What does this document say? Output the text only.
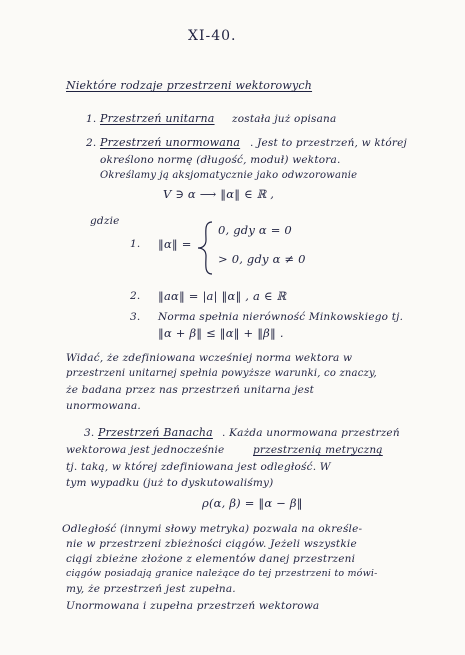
XI-40.
Niektóre rodzaje przestrzeni wektorowych
1. Przestrzeń unitarna została już opisana
2. Przestrzeń unormowana . Jest to przestrzeń, w której
określono normę (długość, moduł) wektora.
Określamy ją aksjomatycznie jako odwzorowanie
V ∋ α ⟶ ‖α‖ ∈ ℝ ,
gdzie
1. ‖α‖ =
0, gdy α = 0
> 0, gdy α ≠ 0
2. ‖aα‖ = |a| ‖α‖ , a ∈ ℝ
3. Norma spełnia nierówność Minkowskiego tj.
‖α + β‖ ≤ ‖α‖ + ‖β‖ .
Widać, że zdefiniowana wcześniej norma wektora w
przestrzeni unitarnej spełnia powyższe warunki, co znaczy,
że badana przez nas przestrzeń unitarna jest
unormowana.
3. Przestrzeń Banacha . Każda unormowana przestrzeń
wektorowa jest jednocześnie	przestrzenią metryczną
tj. taką, w której zdefiniowana jest odległość. W
tym wypadku (już to dyskutowaliśmy)
ρ(α, β) = ‖α − β‖
Odległość (innymi słowy metryka) pozwala na określe-
nie w przestrzeni zbieżności ciągów. Jeżeli wszystkie
ciągi zbieżne złożone z elementów danej przestrzeni
ciągów posiadają granice należące do tej przestrzeni to mówi-
my, że przestrzeń jest zupełna.
Unormowana i zupełna przestrzeń wektorowa
